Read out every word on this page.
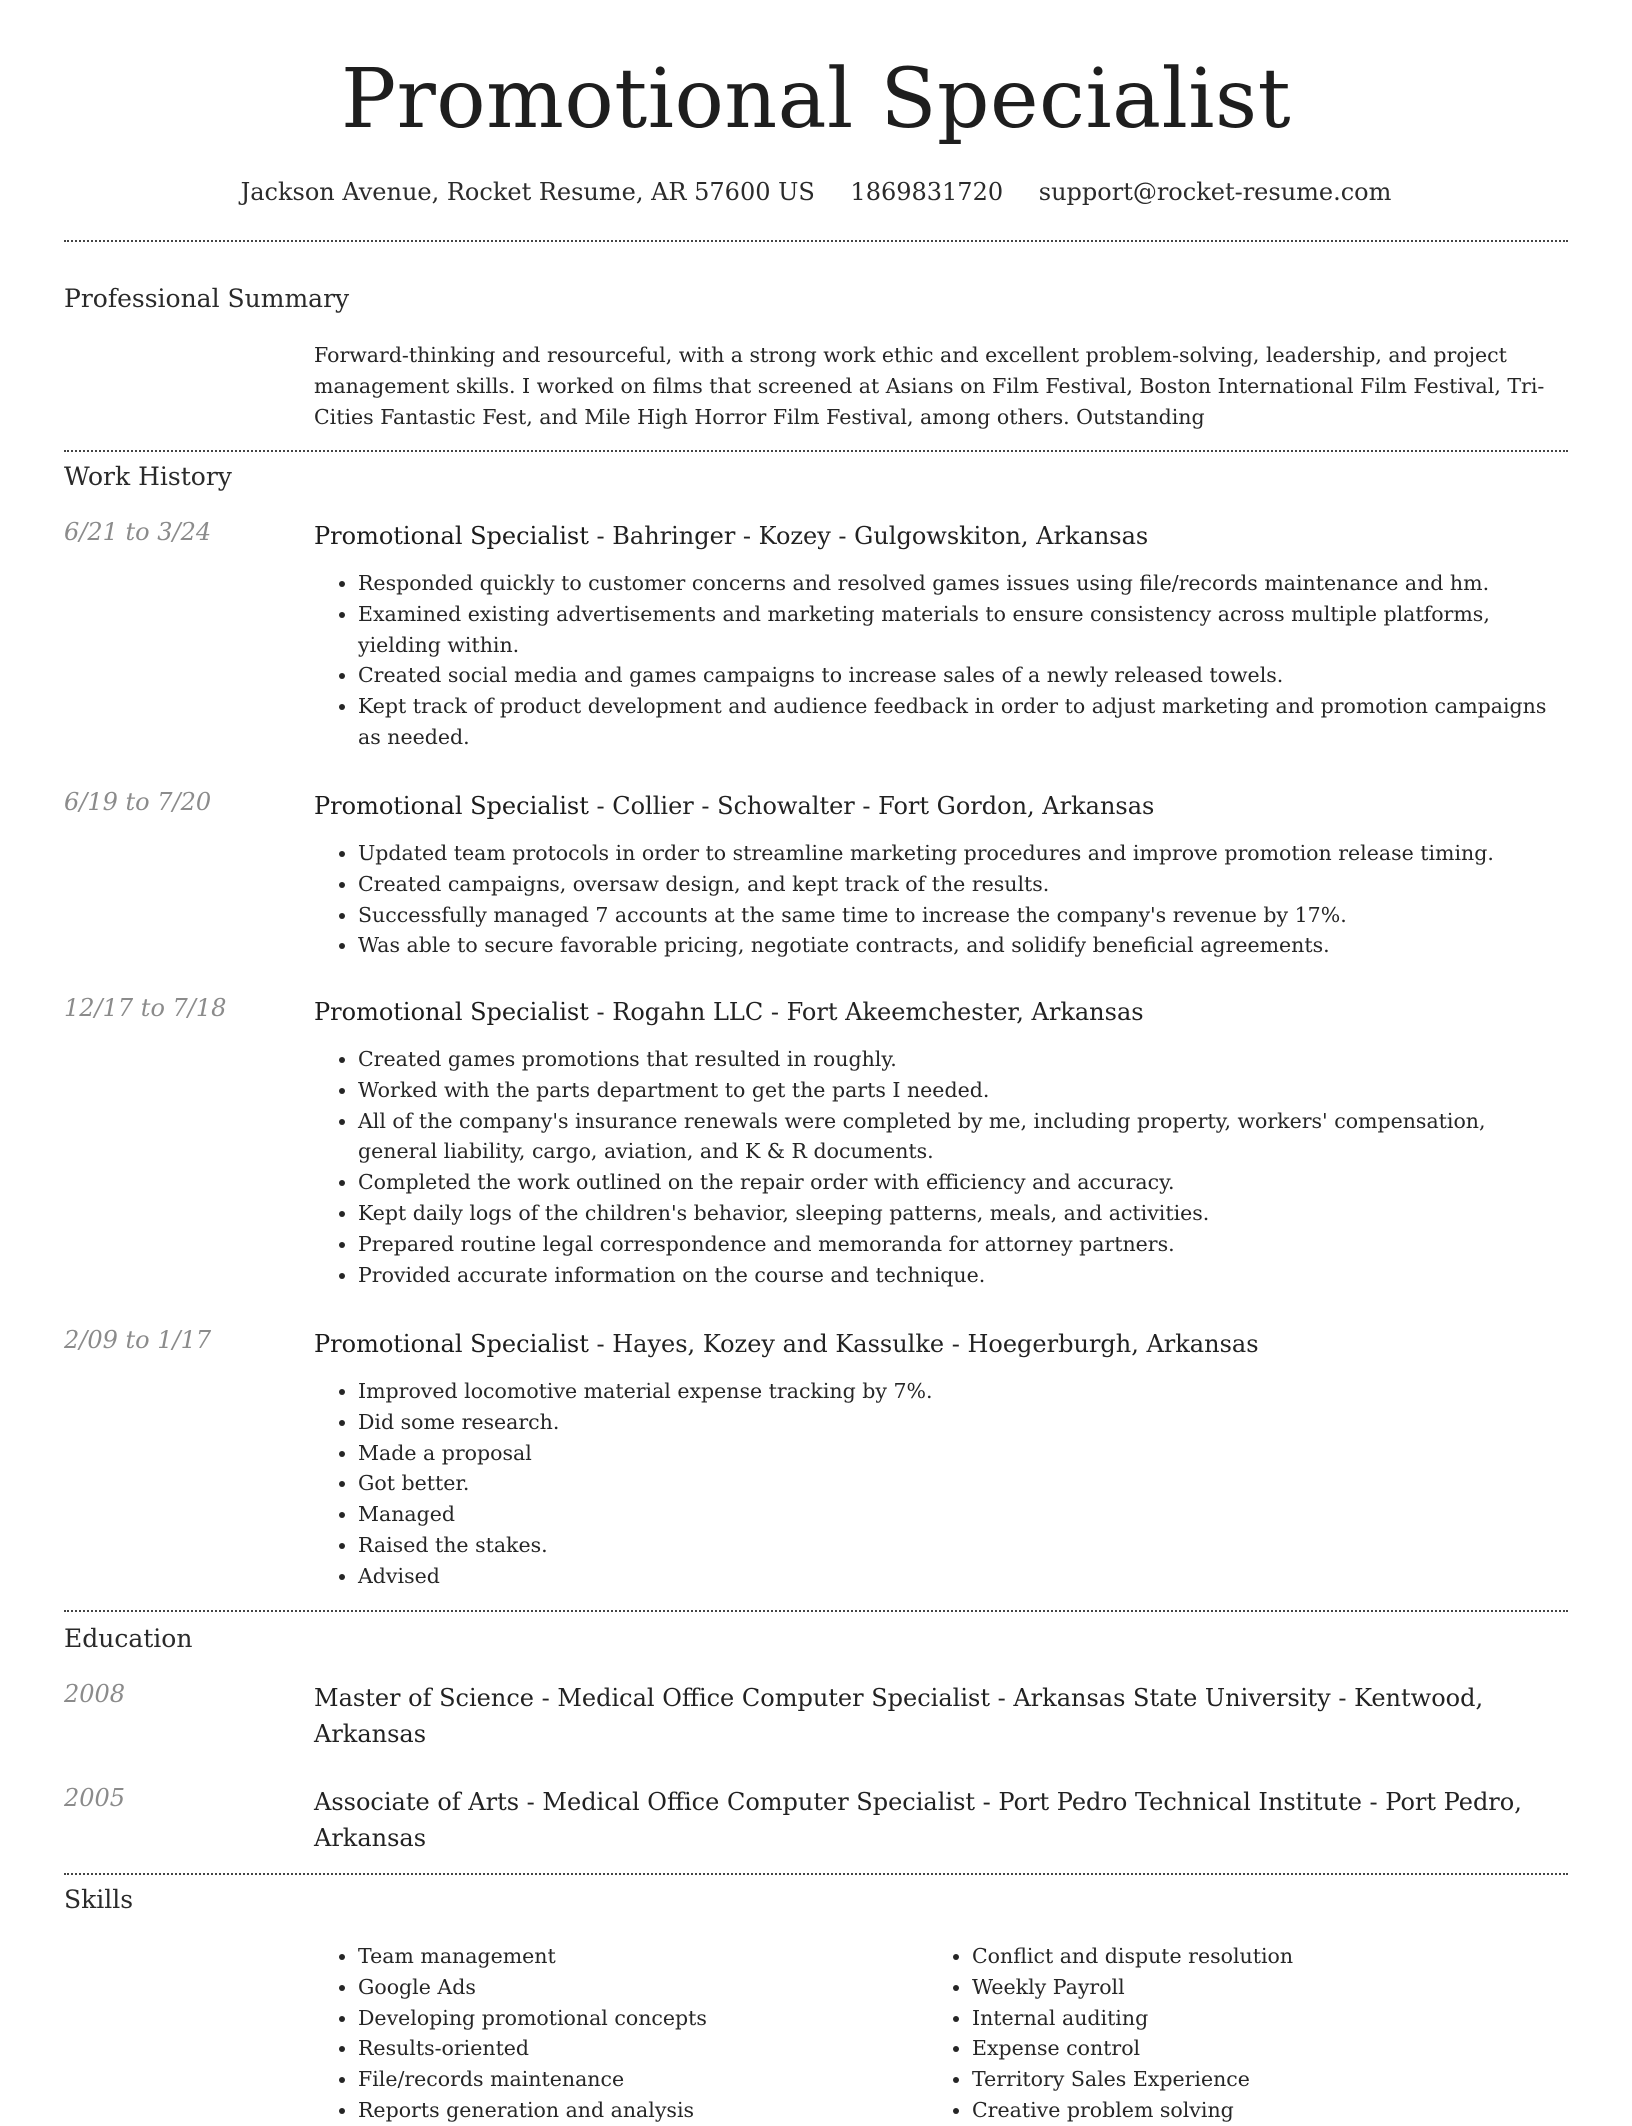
Promotional Specialist
Jackson Avenue, Rocket Resume, AR 57600 US 1869831720 support@rocket-resume.com
Professional Summary
Forward-thinking and resourceful, with a strong work ethic and excellent problem-solving, leadership, and project management skills. I worked on films that screened at Asians on Film Festival, Boston International Film Festival, Tri-Cities Fantastic Fest, and Mile High Horror Film Festival, among others. Outstanding
Work History
6/21 to 3/24	Promotional Specialist - Bahringer - Kozey - Gulgowskiton, Arkansas
• Responded quickly to customer concerns and resolved games issues using file/records maintenance and hm.
• Examined existing advertisements and marketing materials to ensure consistency across multiple platforms, yielding within.
• Created social media and games campaigns to increase sales of a newly released towels.
• Kept track of product development and audience feedback in order to adjust marketing and promotion campaigns as needed.
6/19 to 7/20	Promotional Specialist - Collier - Schowalter - Fort Gordon, Arkansas
• Updated team protocols in order to streamline marketing procedures and improve promotion release timing.
• Created campaigns, oversaw design, and kept track of the results.
• Successfully managed 7 accounts at the same time to increase the company's revenue by 17%.
• Was able to secure favorable pricing, negotiate contracts, and solidify beneficial agreements.
12/17 to 7/18	Promotional Specialist - Rogahn LLC - Fort Akeemchester, Arkansas
• Created games promotions that resulted in roughly.
• Worked with the parts department to get the parts I needed.
• All of the company's insurance renewals were completed by me, including property, workers' compensation, general liability, cargo, aviation, and K & R documents.
• Completed the work outlined on the repair order with efficiency and accuracy.
• Kept daily logs of the children's behavior, sleeping patterns, meals, and activities.
• Prepared routine legal correspondence and memoranda for attorney partners.
• Provided accurate information on the course and technique.
2/09 to 1/17	Promotional Specialist - Hayes, Kozey and Kassulke - Hoegerburgh, Arkansas
• Improved locomotive material expense tracking by 7%.
• Did some research.
• Made a proposal
• Got better.
• Managed
• Raised the stakes.
• Advised
Education
2008	Master of Science - Medical Office Computer Specialist - Arkansas State University - Kentwood, Arkansas
2005	Associate of Arts - Medical Office Computer Specialist - Port Pedro Technical Institute - Port Pedro, Arkansas
Skills
• Team management
• Google Ads
• Developing promotional concepts
• Results-oriented
• File/records maintenance
• Reports generation and analysis
• Conflict and dispute resolution
• Weekly Payroll
• Internal auditing
• Expense control
• Territory Sales Experience
• Creative problem solving
